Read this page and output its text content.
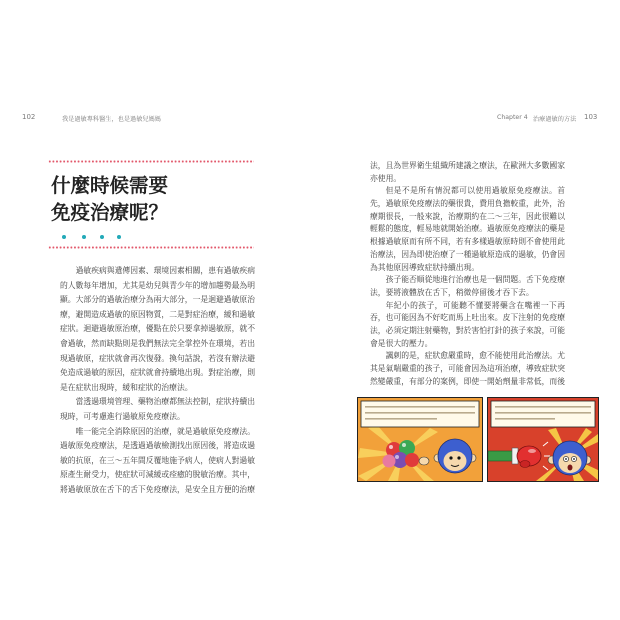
102	我是過敏專科醫生，也是過敏兒媽媽	Chapter 4 治療過敏的方法 103
什麼時候需要
免疫治療呢？
過敏疾病與遺傳因素、環境因素相關，患有過敏疾病
的人數每年增加，尤其是幼兒與青少年的增加趨勢最為明
顯。大部分的過敏治療分為兩大部分，一是迴避過敏原治
療，避開造成過敏的原因物質，二是對症治療，緩和過敏
症狀。迴避過敏原治療，優點在於只要拿掉過敏原，就不
會過敏，然而缺點則是我們無法完全掌控外在環境，若出
現過敏原，症狀就會再次復發。換句話說，若沒有辦法避
免造成過敏的原因，症狀就會持續地出現。對症治療，則
是在症狀出現時，緩和症狀的治療法。
當透過環境管理、藥物治療都無法控制，症狀持續出
現時，可考慮進行過敏原免疫療法。
唯一能完全消除原因的治療，就是過敏原免疫療法。
過敏原免疫療法，是透過過敏檢測找出原因後，將造成過
敏的抗原，在三～五年間反覆地施予病人，使病人對過敏
原產生耐受力，使症狀可減緩或痊癒的脫敏治療。其中，
將過敏原放在舌下的舌下免疫療法，是安全且方便的治療
法，且為世界衛生組織所建議之療法，在歐洲大多數國家
亦使用。
但是不是所有情況都可以使用過敏原免疫療法。首
先，過敏原免疫療法的藥很貴，費用負擔較重，此外，治
療期很長，一般來說，治療期約在二～三年，因此很難以
輕鬆的態度，輕易地就開始治療。過敏原免疫療法的藥是
根據過敏原而有所不同，若有多樣過敏原時則不會使用此
治療法，因為即使治療了一種過敏原造成的過敏，仍會因
為其他原因導致症狀持續出現。
孩子能否順從地進行治療也是一個問題。舌下免疫療
法，要將液體放在舌下，稍微停留後才吞下去。
年紀小的孩子，可能聽不懂要將藥含在嘴裡一下再
吞，也可能因為不好吃而馬上吐出來。皮下注射的免疫療
法，必須定期注射藥物，對於害怕打針的孩子來說，可能
會是很大的壓力。
諷刺的是，症狀愈嚴重時，愈不能使用此治療法。尤
其是氣喘嚴重的孩子，可能會因為這項治療，導致症狀突
然變嚴重，有部分的案例，即使一開始劑量非常低，而後
